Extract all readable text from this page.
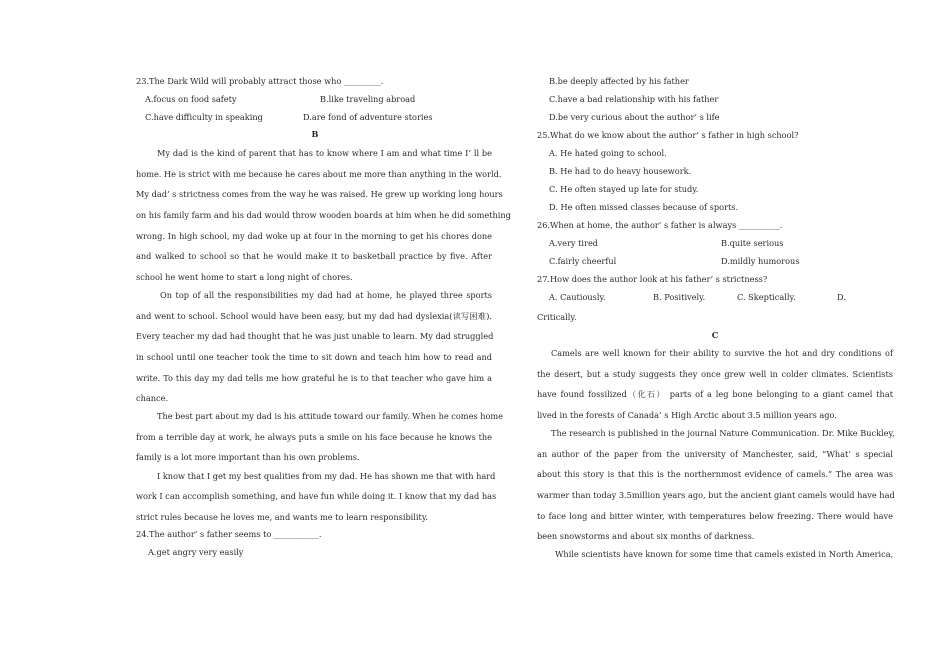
23.The Dark Wild will probably attract those who _________.
A.focus on food safety	B.like traveling abroad
C.have difficulty in speaking	D.are fond of adventure stories
B
My dad is the kind of parent that has to know where I am and what time I’ ll be
home. He is strict with me because he cares about me more than anything in the world.
My dad’ s strictness comes from the way he was raised. He grew up working long hours
on his family farm and his dad would throw wooden boards at him when he did something
wrong. In high school, my dad woke up at four in the morning to get his chores done
and walked to school so that he would make it to basketball practice by five. After
school he went home to start a long night of chores.
On top of all the responsibilities my dad had at home, he played three sports
and went to school. School would have been easy, but my dad had dyslexia(读写困难).
Every teacher my dad had thought that he was just unable to learn. My dad struggled
in school until one teacher took the time to sit down and teach him how to read and
write. To this day my dad tells me how grateful he is to that teacher who gave him a
chance.
The best part about my dad is his attitude toward our family. When he comes home
from a terrible day at work, he always puts a smile on his face because he knows the
family is a lot more important than his own problems.
I know that I get my best qualities from my dad. He has shown me that with hard
work I can accomplish something, and have fun while doing it. I know that my dad has
strict rules because he loves me, and wants me to learn responsibility.
24.The author’ s father seems to ___________.
A.get angry very easily
B.be deeply affected by his father
C.have a bad relationship with his father
D.be very curious about the author’ s life
25.What do we know about the author’ s father in high school?
A. He hated going to school.
B. He had to do heavy housework.
C. He often stayed up late for study.
D. He often missed classes because of sports.
26.When at home, the author’ s father is always __________.
A.very tired	B.quite serious
C.fairly cheerful	D.mildly humorous
27.How does the author look at his father’ s strictness?
A. Cautiously.	B. Positively.	C. Skeptically.	D.
Critically.
C
Camels are well known for their ability to survive the hot and dry conditions of
the desert, but a study suggests they once grew well in colder climates. Scientists
have found fossilized（化石） parts of a leg bone belonging to a giant camel that
lived in the forests of Canada’ s High Arctic about 3.5 million years ago.
The research is published in the journal Nature Communication. Dr. Mike Buckley,
an author of the paper from the university of Manchester, said, “What’ s special
about this story is that this is the northernmost evidence of camels.” The area was
warmer than today 3.5million years ago, but the ancient giant camels would have had
to face long and bitter winter, with temperatures below freezing. There would have
been snowstorms and about six months of darkness.
While scientists have known for some time that camels existed in North America,
